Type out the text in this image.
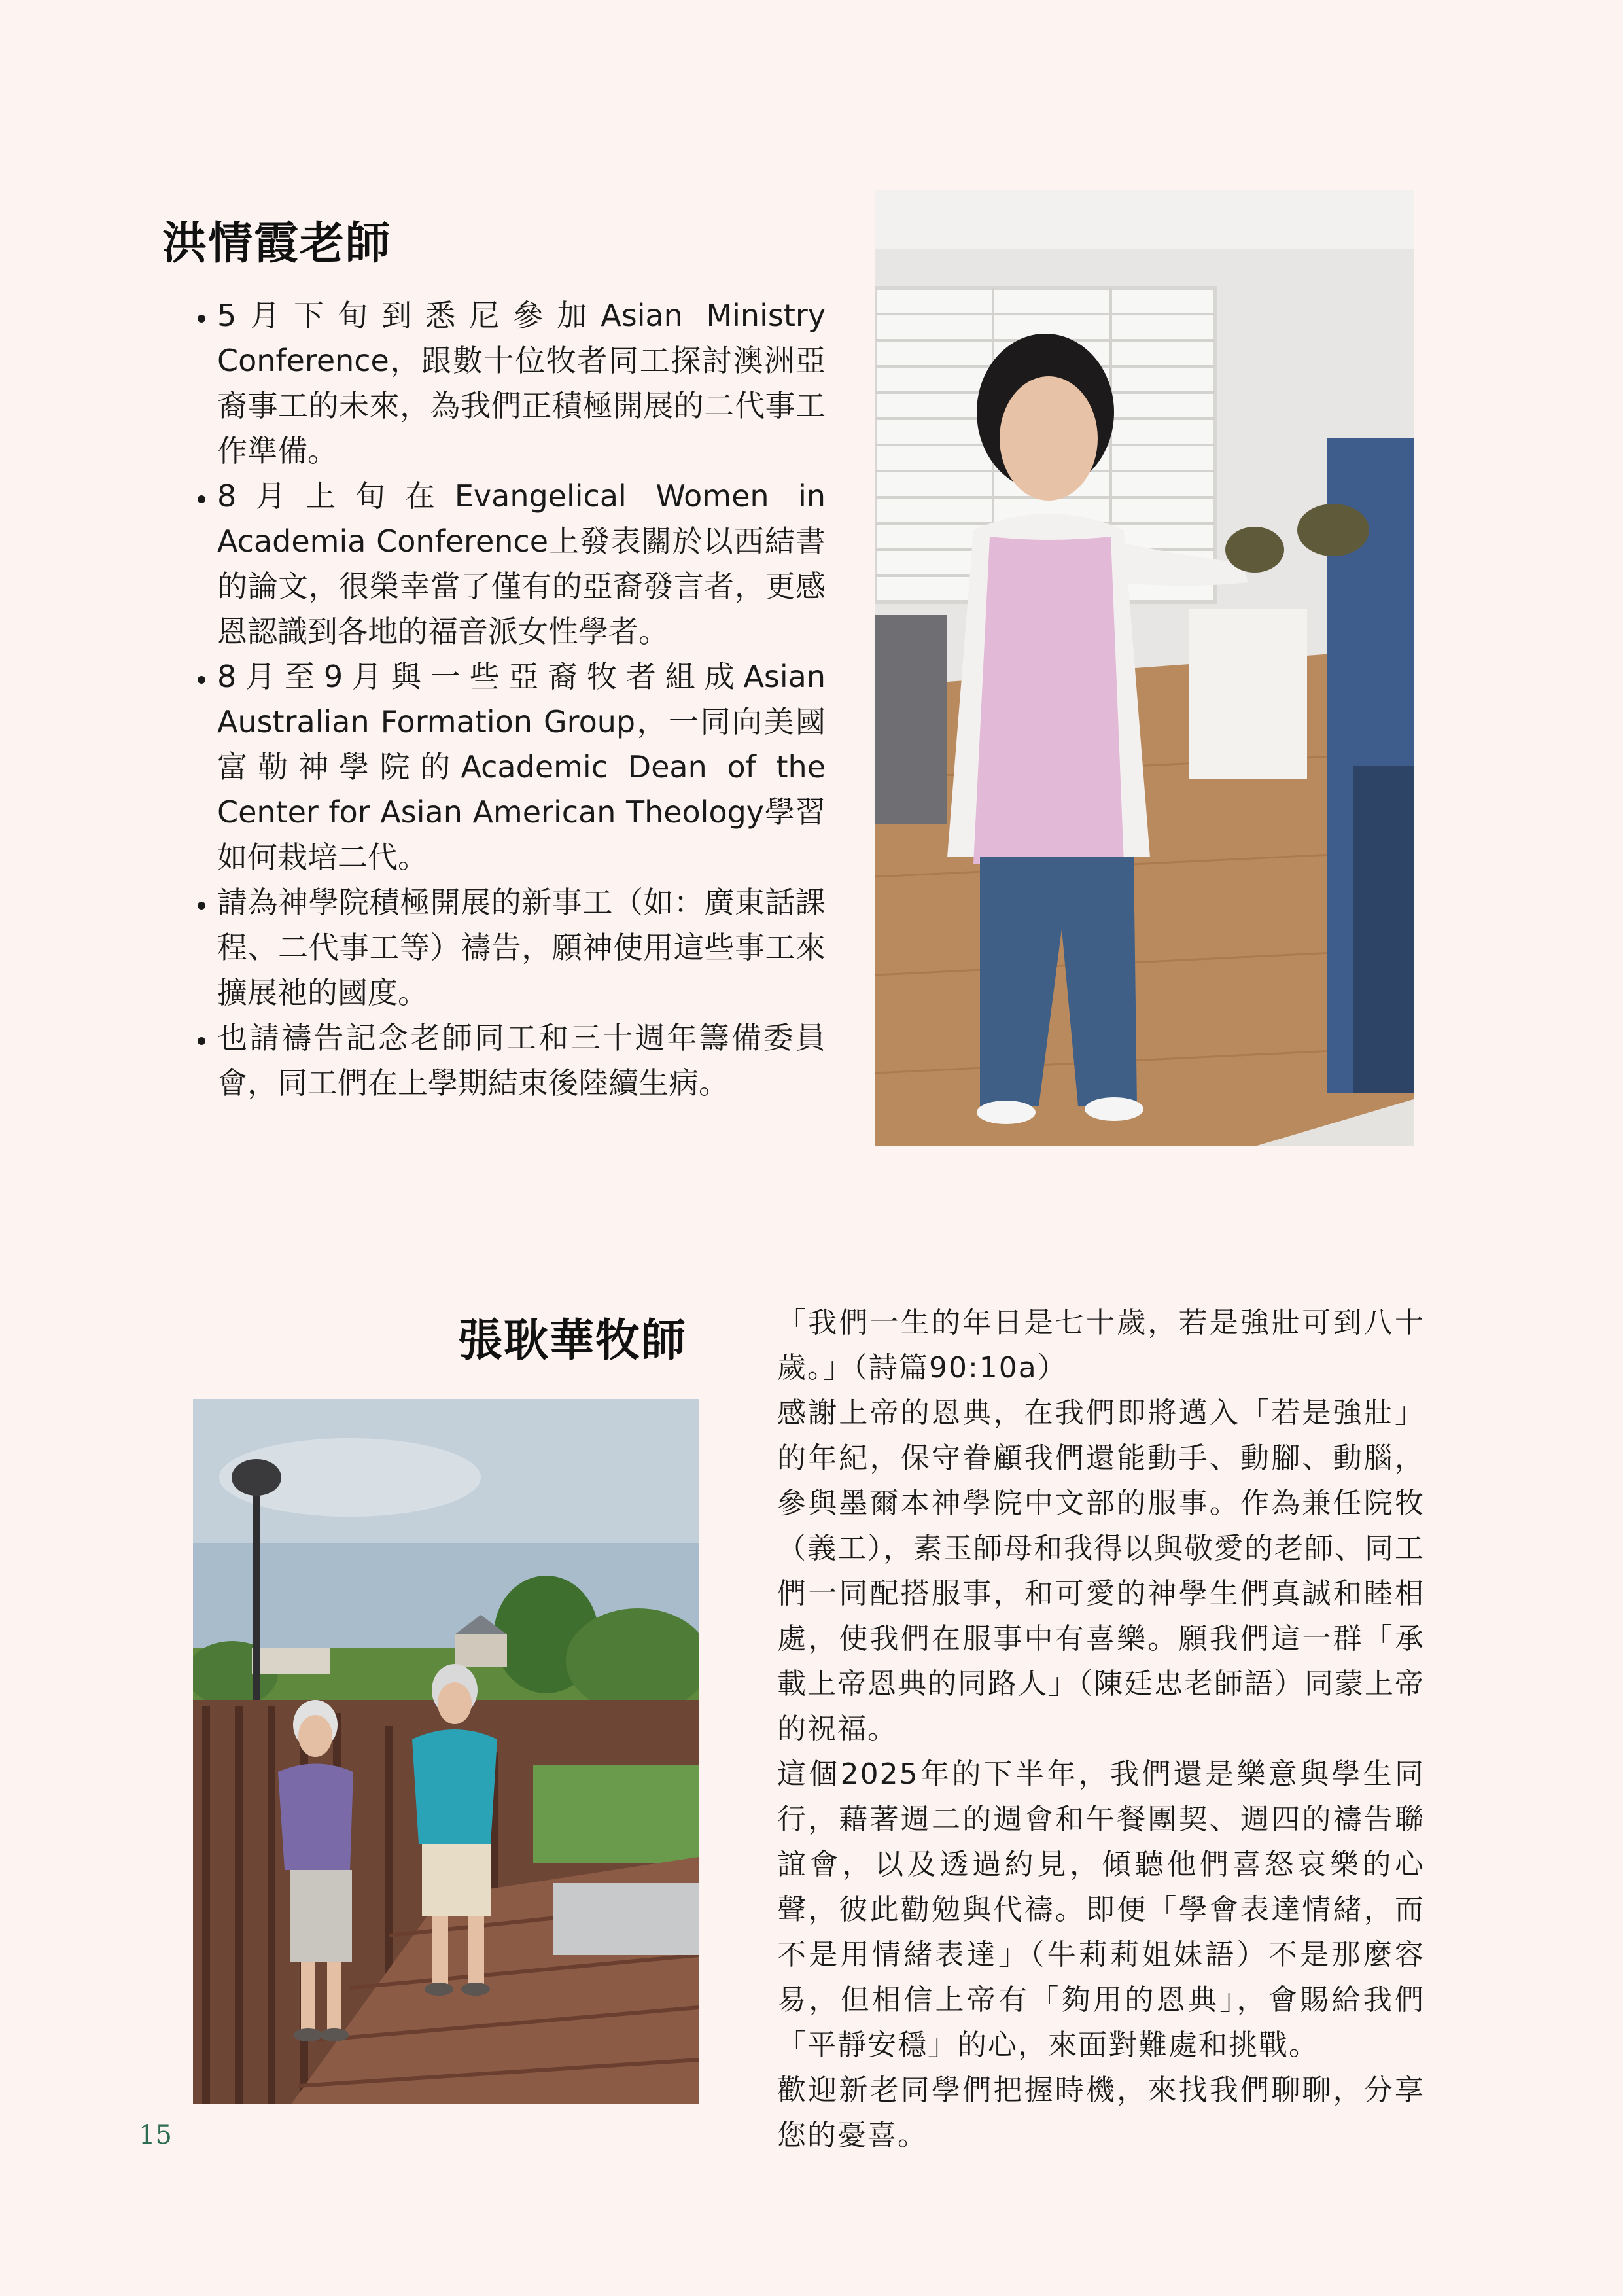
洪情霞老師
• 5月下旬到悉尼參加Asian Ministry Conference，跟數十位牧者同工探討澳洲亞裔事工的未來，為我們正積極開展的二代事工作準備。
• 8月上旬在Evangelical Women in Academia Conference上發表關於以西結書的論文，很榮幸當了僅有的亞裔發言者，更感恩認識到各地的福音派女性學者。
• 8月至9月與一些亞裔牧者組成Asian Australian Formation Group，一同向美國富勒神學院的Academic Dean of the Center for Asian American Theology學習如何栽培二代。
• 請為神學院積極開展的新事工（如：廣東話課程、二代事工等）禱告，願神使用這些事工來擴展祂的國度。
• 也請禱告記念老師同工和三十週年籌備委員會，同工們在上學期結束後陸續生病。
張耿華牧師	「我們一生的年日是七十歲，若是強壯可到八十歲。」（詩篇90:10a）

感謝上帝的恩典，在我們即將邁入「若是強壯」的年紀，保守眷顧我們還能動手、動腳、動腦，參與墨爾本神學院中文部的服事。作為兼任院牧（義工），素玉師母和我得以與敬愛的老師、同工們一同配搭服事，和可愛的神學生們真誠和睦相處，使我們在服事中有喜樂。願我們這一群「承載上帝恩典的同路人」（陳廷忠老師語）同蒙上帝的祝福。

這個2025年的下半年，我們還是樂意與學生同行，藉著週二的週會和午餐團契、週四的禱告聯誼會，以及透過約見，傾聽他們喜怒哀樂的心聲，彼此勸勉與代禱。即便「學會表達情緒，而不是用情緒表達」（牛莉莉姐妹語）不是那麼容易，但相信上帝有「夠用的恩典」，會賜給我們「平靜安穩」的心，來面對難處和挑戰。

歡迎新老同學們把握時機，來找我們聊聊，分享您的憂喜。

15
